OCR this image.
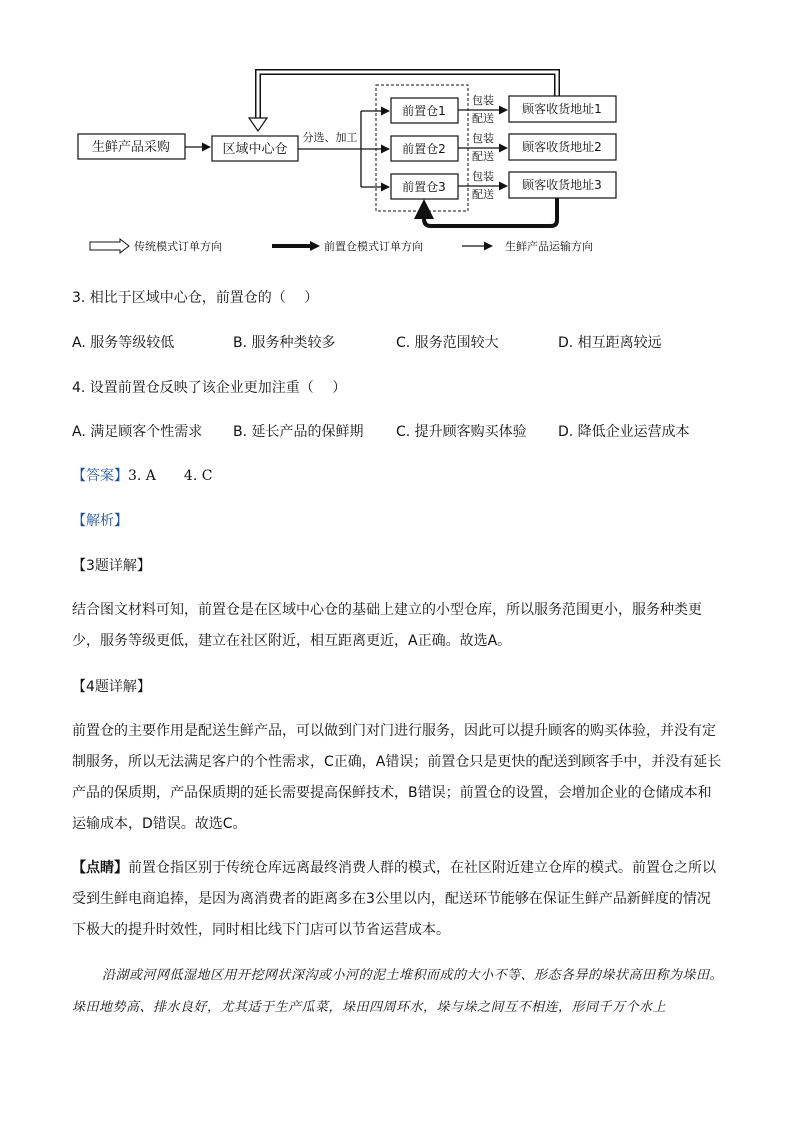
生鲜产品采购	区域中心仓
分选、加工
前置仓1
前置仓2
前置仓3
包装
配送
包装
配送
包装
配送
顾客收货地址1
顾客收货地址2
顾客收货地址3
传统模式订单方向	前置仓模式订单方向	生鲜产品运输方向
3. 相比于区域中心仓，前置仓的（　 ）
A. 服务等级较低	B. 服务种类较多	C. 服务范围较大	D. 相互距离较远
4. 设置前置仓反映了该企业更加注重（　 ）
A. 满足顾客个性需求 B. 延长产品的保鲜期 C. 提升顾客购买体验 D. 降低企业运营成本
【答案】3. A　　4. C
【解析】
【3题详解】
结合图文材料可知，前置仓是在区域中心仓的基础上建立的小型仓库，所以服务范围更小，服务种类更少，服务等级更低，建立在社区附近，相互距离更近，A正确。故选A。
【4题详解】
前置仓的主要作用是配送生鲜产品，可以做到门对门进行服务，因此可以提升顾客的购买体验，并没有定制服务，所以无法满足客户的个性需求，C正确，A错误；前置仓只是更快的配送到顾客手中，并没有延长产品的保质期，产品保质期的延长需要提高保鲜技术，B错误；前置仓的设置，会增加企业的仓储成本和运输成本，D错误。故选C。
【点睛】前置仓指区别于传统仓库远离最终消费人群的模式，在社区附近建立仓库的模式。前置仓之所以受到生鲜电商追捧，是因为离消费者的距离多在3公里以内，配送环节能够在保证生鲜产品新鲜度的情况下极大的提升时效性，同时相比线下门店可以节省运营成本。
沿湖或河网低湿地区用开挖网状深沟或小河的泥土堆积而成的大小不等、形态各异的垛状高田称为垛田。垛田地势高、排水良好，尤其适于生产瓜菜，垛田四周环水，垛与垛之间互不相连，形同千万个水上
